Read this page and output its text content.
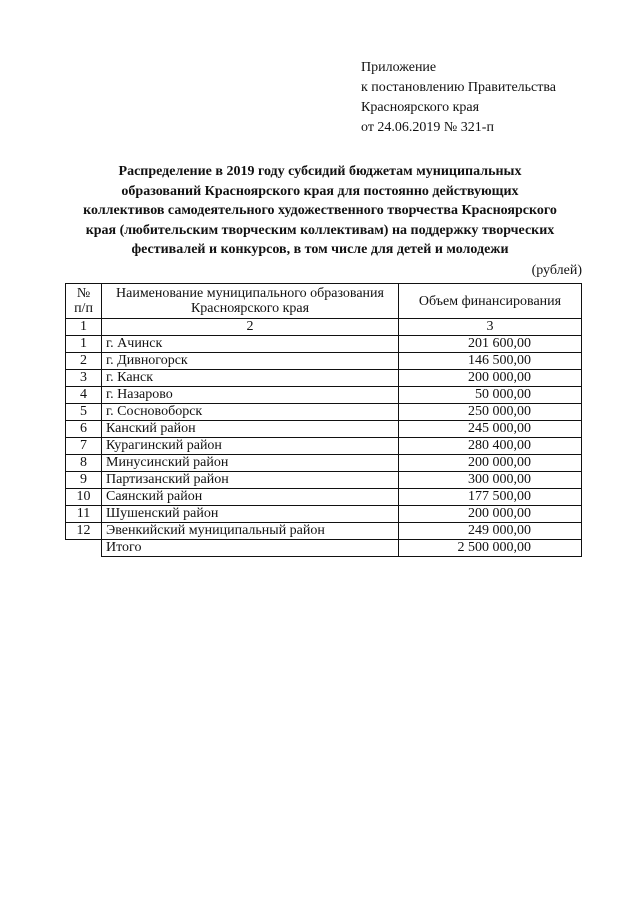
Приложение
к постановлению Правительства
Красноярского края
от 24.06.2019 № 321-п
Распределение в 2019 году субсидий бюджетам муниципальных
образований Красноярского края для постоянно действующих
коллективов самодеятельного художественного творчества Красноярского
края (любительским творческим коллективам) на поддержку творческих
фестивалей и конкурсов, в том числе для детей и молодежи
(рублей)
№ п/п	Наименование муниципального образования Красноярского края	Объем финансирования
1	2	3
1	г. Ачинск	201 600,00
2	г. Дивногорск	146 500,00
3	г. Канск	200 000,00
4	г. Назарово	50 000,00
5	г. Сосновоборск	250 000,00
6	Канский район	245 000,00
7	Курагинский район	280 400,00
8	Минусинский район	200 000,00
9	Партизанский район	300 000,00
10	Саянский район	177 500,00
11	Шушенский район	200 000,00
12	Эвенкийский муниципальный район	249 000,00
	Итого	2 500 000,00
